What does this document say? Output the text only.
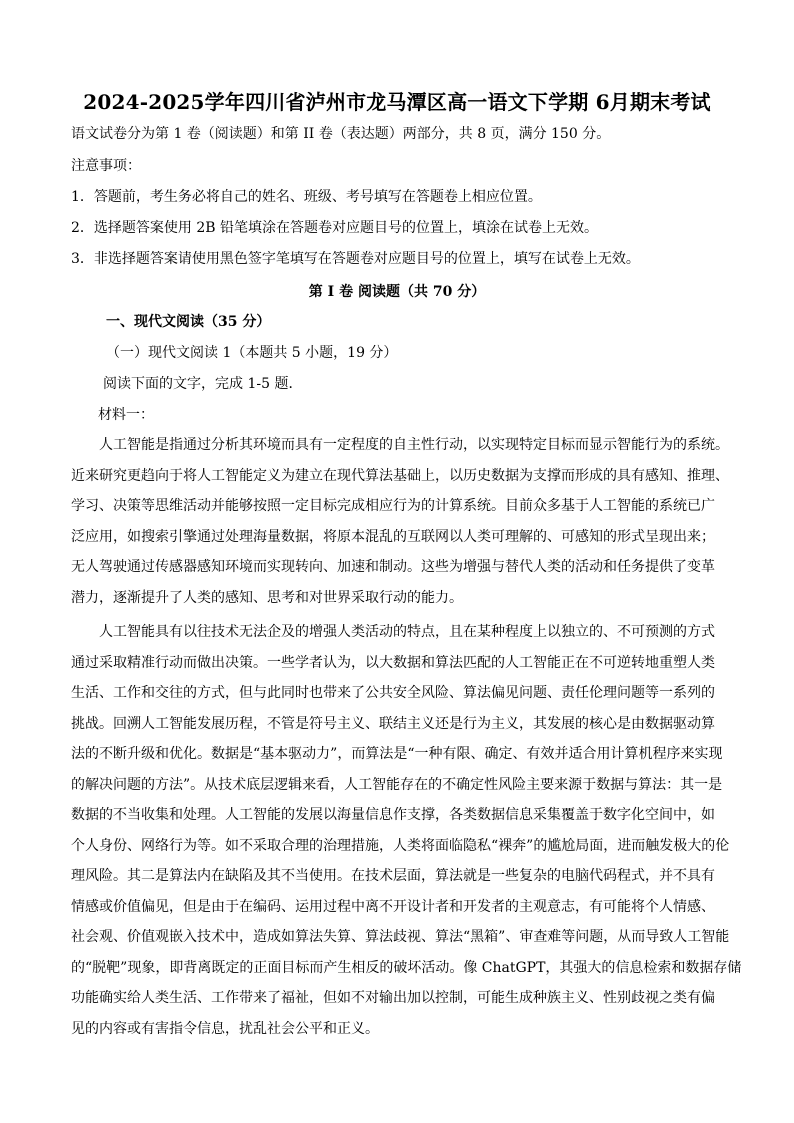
2024-2025学年四川省泸州市龙马潭区高一语文下学期 6月期末考试
语文试卷分为第 1 卷（阅读题）和第 II 卷（表达题）两部分，共 8 页，满分 150 分。
注意事项：
1．答题前，考生务必将自己的姓名、班级、考号填写在答题卷上相应位置。
2．选择题答案使用 2B 铅笔填涂在答题卷对应题目号的位置上，填涂在试卷上无效。
3．非选择题答案请使用黑色签字笔填写在答题卷对应题目号的位置上，填写在试卷上无效。
第 I 卷 阅读题（共 70 分）
一、现代文阅读（35 分）
（一）现代文阅读 1（本题共 5 小题，19 分）
阅读下面的文字，完成 1-5 题．
材料一：
人工智能是指通过分析其环境而具有一定程度的自主性行动，以实现特定目标而显示智能行为的系统。
近来研究更趋向于将人工智能定义为建立在现代算法基础上，以历史数据为支撑而形成的具有感知、推理、
学习、决策等思维活动并能够按照一定目标完成相应行为的计算系统。目前众多基于人工智能的系统已广
泛应用，如搜索引擎通过处理海量数据，将原本混乱的互联网以人类可理解的、可感知的形式呈现出来；
无人驾驶通过传感器感知环境而实现转向、加速和制动。这些为增强与替代人类的活动和任务提供了变革
潜力，逐渐提升了人类的感知、思考和对世界采取行动的能力。
人工智能具有以往技术无法企及的增强人类活动的特点，且在某种程度上以独立的、不可预测的方式
通过采取精准行动而做出决策。一些学者认为，以大数据和算法匹配的人工智能正在不可逆转地重塑人类
生活、工作和交往的方式，但与此同时也带来了公共安全风险、算法偏见问题、责任伦理问题等一系列的
挑战。回溯人工智能发展历程，不管是符号主义、联结主义还是行为主义，其发展的核心是由数据驱动算
法的不断升级和优化。数据是“基本驱动力”，而算法是“一种有限、确定、有效并适合用计算机程序来实现
的解决问题的方法”。从技术底层逻辑来看，人工智能存在的不确定性风险主要来源于数据与算法：其一是
数据的不当收集和处理。人工智能的发展以海量信息作支撑，各类数据信息采集覆盖于数字化空间中，如
个人身份、网络行为等。如不采取合理的治理措施，人类将面临隐私“裸奔”的尴尬局面，进而触发极大的伦
理风险。其二是算法内在缺陷及其不当使用。在技术层面，算法就是一些复杂的电脑代码程式，并不具有
情感或价值偏见，但是由于在编码、运用过程中离不开设计者和开发者的主观意志，有可能将个人情感、
社会观、价值观嵌入技术中，造成如算法失算、算法歧视、算法“黑箱”、审查难等问题，从而导致人工智能
的“脱靶”现象，即背离既定的正面目标而产生相反的破坏活动。像 ChatGPT，其强大的信息检索和数据存储
功能确实给人类生活、工作带来了福祉，但如不对输出加以控制，可能生成种族主义、性别歧视之类有偏
见的内容或有害指令信息，扰乱社会公平和正义。
